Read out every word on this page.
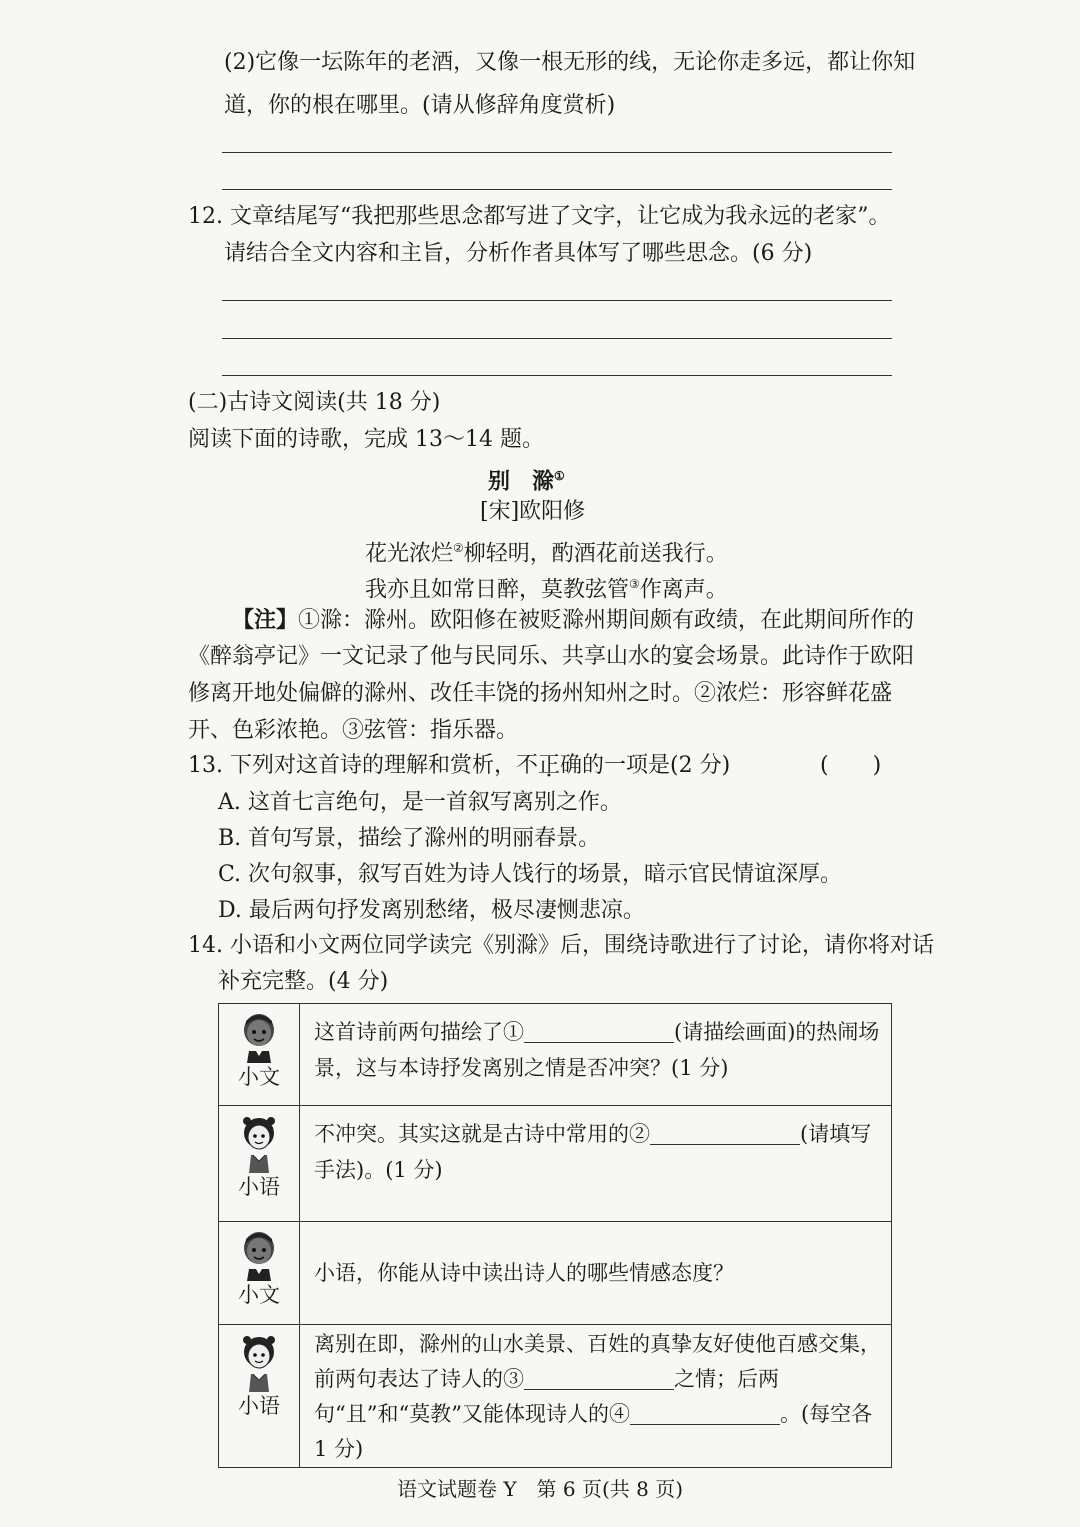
(2)它像一坛陈年的老酒，又像一根无形的线，无论你走多远，都让你知
道，你的根在哪里。(请从修辞角度赏析)
12. 文章结尾写“我把那些思念都写进了文字，让它成为我永远的老家”。
请结合全文内容和主旨，分析作者具体写了哪些思念。(6 分)
(二)古诗文阅读(共 18 分)
阅读下面的诗歌，完成 13～14 题。
别　滁①
[宋]欧阳修
花光浓烂②柳轻明，酌酒花前送我行。
我亦且如常日醉，莫教弦管③作离声。
【注】①滁：滁州。欧阳修在被贬滁州期间颇有政绩，在此期间所作的
《醉翁亭记》一文记录了他与民同乐、共享山水的宴会场景。此诗作于欧阳
修离开地处偏僻的滁州、改任丰饶的扬州知州之时。②浓烂：形容鲜花盛
开、色彩浓艳。③弦管：指乐器。
13. 下列对这首诗的理解和赏析，不正确的一项是(2 分)	(　　)
A. 这首七言绝句，是一首叙写离别之作。
B. 首句写景，描绘了滁州的明丽春景。
C. 次句叙事，叙写百姓为诗人饯行的场景，暗示官民情谊深厚。
D. 最后两句抒发离别愁绪，极尽凄恻悲凉。
14. 小语和小文两位同学读完《别滁》后，围绕诗歌进行了讨论，请你将对话
补充完整。(4 分)
小文	这首诗前两句描绘了① (请描绘画面)的热闹场景，这与本诗抒发离别之情是否冲突？(1 分)

小语	不冲突。其实这就是古诗中常用的② (请填写手法)。(1 分)

小文	小语，你能从诗中读出诗人的哪些情感态度？

小语	离别在即，滁州的山水美景、百姓的真挚友好使他百感交集，前两句表达了诗人的③ 之情；后两句“且”和“莫教”又能体现诗人的④ 。(每空各 1 分)
语文试题卷 Y　第 6 页(共 8 页)
